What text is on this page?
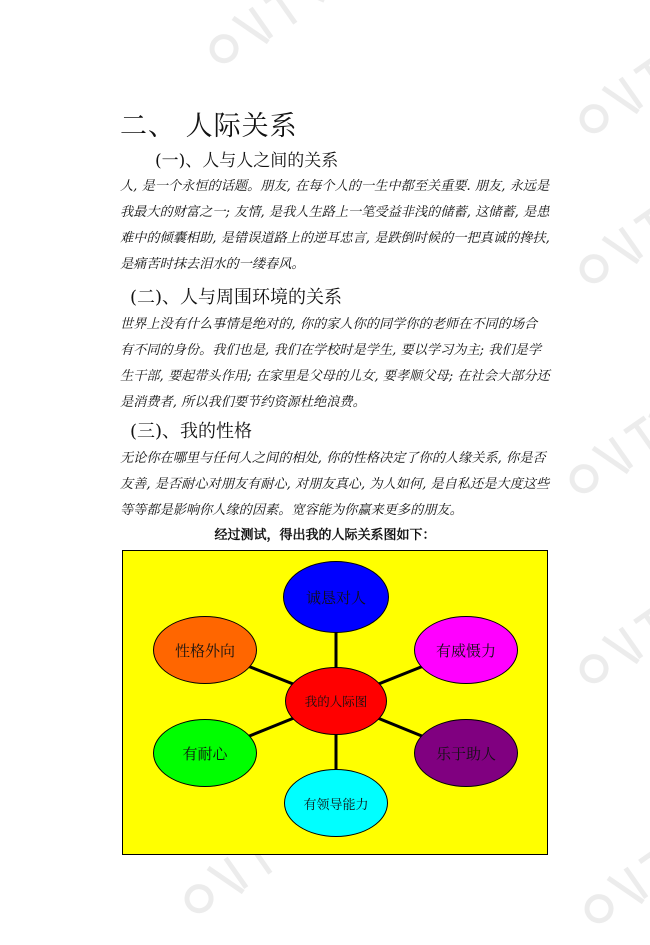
二、 人际关系
(一)、人与人之间的关系
人, 是一个永恒的话题。朋友, 在每个人的一生中都至关重要. 朋友, 永远是我最大的财富之一; 友情, 是我人生路上一笔受益非浅的储蓄, 这储蓄, 是患难中的倾囊相助, 是错误道路上的逆耳忠言, 是跌倒时候的一把真诚的搀扶, 是痛苦时抹去泪水的一缕春风。
(二)、人与周围环境的关系
世界上没有什么事情是绝对的, 你的家人你的同学你的老师在不同的场合有不同的身份。我们也是, 我们在学校时是学生, 要以学习为主; 我们是学生干部, 要起带头作用; 在家里是父母的儿女, 要孝顺父母; 在社会大部分还是消费者, 所以我们要节约资源杜绝浪费。
(三)、我的性格
无论你在哪里与任何人之间的相处, 你的性格决定了你的人缘关系, 你是否友善, 是否耐心对朋友有耐心, 对朋友真心, 为人如何, 是自私还是大度这些等等都是影响你人缘的因素。宽容能为你赢来更多的朋友。
经过测试，得出我的人际关系图如下：
诚恳对人
有威慑力
乐于助人
有领导能力
有耐心
性格外向
我的人际图
